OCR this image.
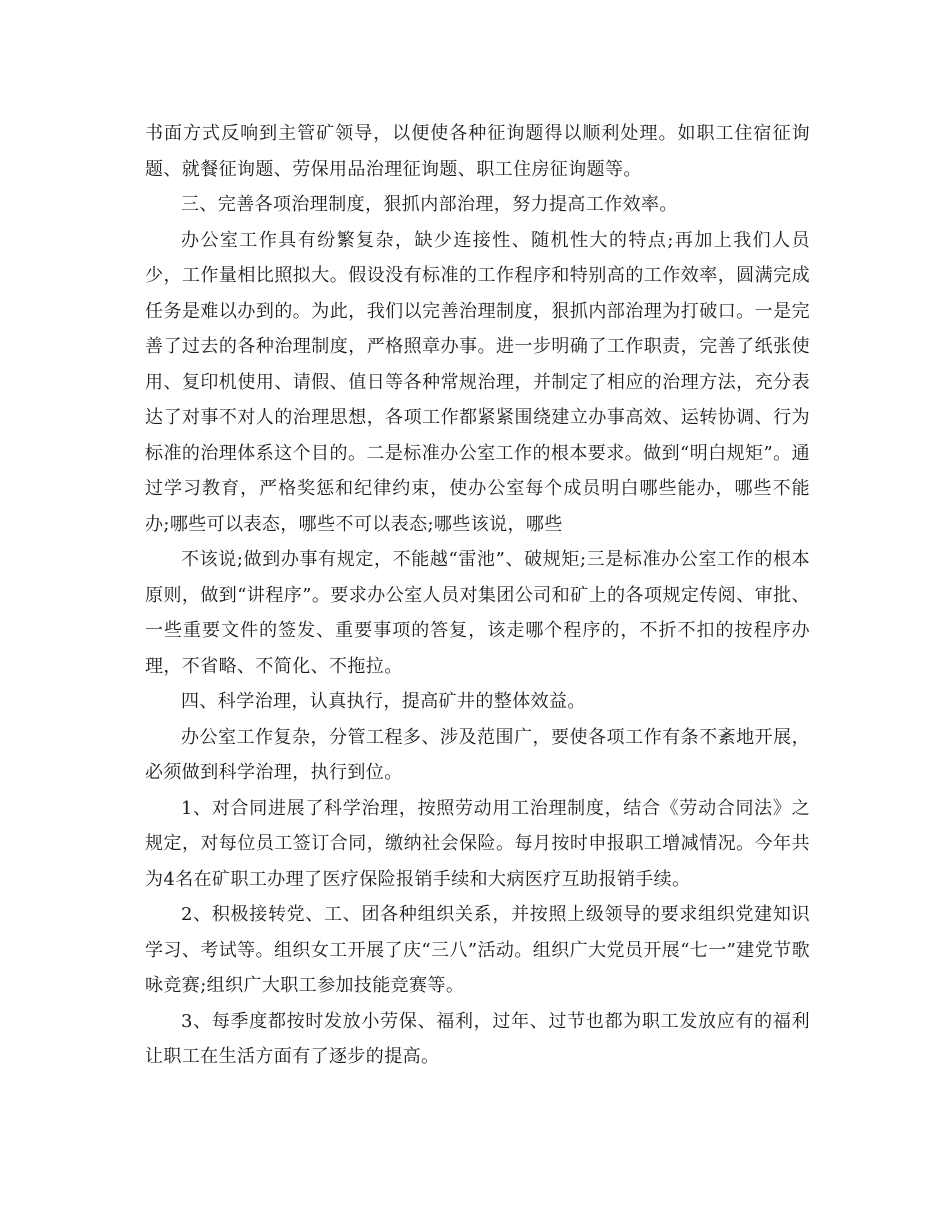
书面方式反响到主管矿领导，以便使各种征询题得以顺利处理。如职工住宿征询题、就餐征询题、劳保用品治理征询题、职工住房征询题等。

三、完善各项治理制度，狠抓内部治理，努力提高工作效率。

办公室工作具有纷繁复杂，缺少连接性、随机性大的特点;再加上我们人员少，工作量相比照拟大。假设没有标准的工作程序和特别高的工作效率，圆满完成任务是难以办到的。为此，我们以完善治理制度，狠抓内部治理为打破口。一是完善了过去的各种治理制度，严格照章办事。进一步明确了工作职责，完善了纸张使用、复印机使用、请假、值日等各种常规治理，并制定了相应的治理方法，充分表达了对事不对人的治理思想，各项工作都紧紧围绕建立办事高效、运转协调、行为标准的治理体系这个目的。二是标准办公室工作的根本要求。做到“明白规矩”。通过学习教育，严格奖惩和纪律约束，使办公室每个成员明白哪些能办，哪些不能办;哪些可以表态，哪些不可以表态;哪些该说，哪些

不该说;做到办事有规定，不能越“雷池”、破规矩;三是标准办公室工作的根本原则，做到“讲程序”。要求办公室人员对集团公司和矿上的各项规定传阅、审批、一些重要文件的签发、重要事项的答复，该走哪个程序的，不折不扣的按程序办理，不省略、不简化、不拖拉。

四、科学治理，认真执行，提高矿井的整体效益。

办公室工作复杂，分管工程多、涉及范围广，要使各项工作有条不紊地开展，必须做到科学治理，执行到位。

1、对合同进展了科学治理，按照劳动用工治理制度，结合《劳动合同法》之规定，对每位员工签订合同，缴纳社会保险。每月按时申报职工增减情况。今年共为4名在矿职工办理了医疗保险报销手续和大病医疗互助报销手续。

2、积极接转党、工、团各种组织关系，并按照上级领导的要求组织党建知识学习、考试等。组织女工开展了庆“三八”活动。组织广大党员开展“七一”建党节歌咏竞赛;组织广大职工参加技能竞赛等。

3、每季度都按时发放小劳保、福利，过年、过节也都为职工发放应有的福利让职工在生活方面有了逐步的提高。
